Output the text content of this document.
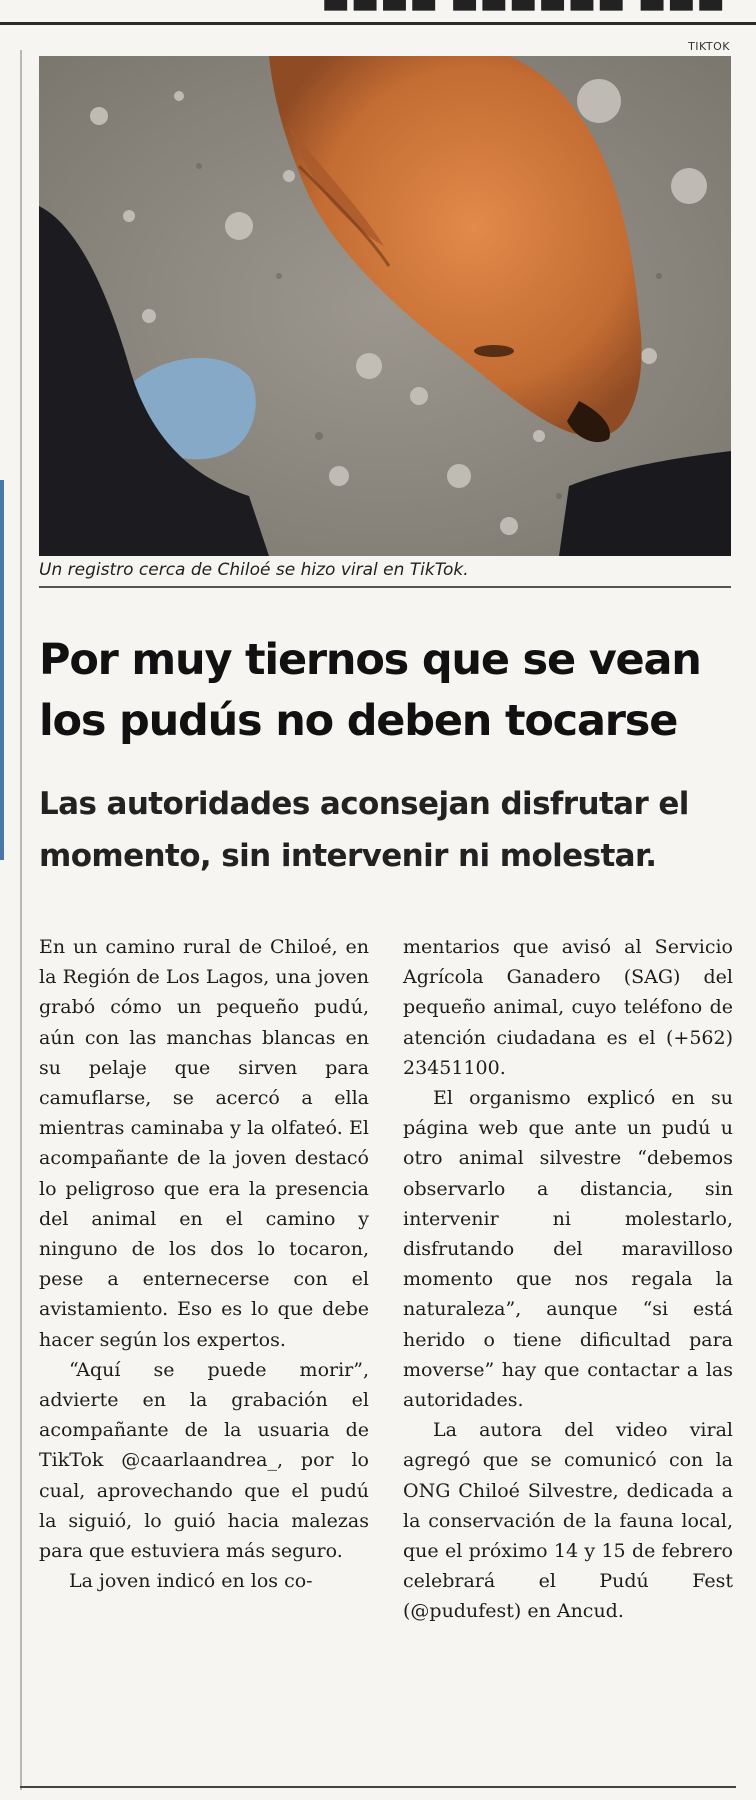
▬▬▬▬ ▬▬▬▬▬▬ ▬▬▬
TIKTOK
Un registro cerca de Chiloé se hizo viral en TikTok.
Por muy tiernos que se vean los pudús no deben tocarse
Las autoridades aconsejan disfrutar el momento, sin intervenir ni molestar.

En un camino rural de Chiloé, en la Región de Los Lagos, una joven grabó cómo un pequeño pudú, aún con las manchas blancas en su pelaje que sirven para camuflarse, se acercó a ella mientras caminaba y la olfateó. El acompañante de la joven destacó lo peligroso que era la presencia del animal en el camino y ninguno de los dos lo tocaron, pese a enternecerse con el avistamiento. Eso es lo que debe hacer según los expertos.

“Aquí se puede morir”, advierte en la grabación el acompañante de la usuaria de TikTok @caarlaandrea_, por lo cual, aprovechando que el pudú la siguió, lo guió hacia malezas para que estuviera más seguro.

La joven indicó en los co-

mentarios que avisó al Servicio Agrícola Ganadero (SAG) del pequeño animal, cuyo teléfono de atención ciudadana es el (+562) 23451100.

El organismo explicó en su página web que ante un pudú u otro animal silvestre “debemos observarlo a distancia, sin intervenir ni molestarlo, disfrutando del maravilloso momento que nos regala la naturaleza”, aunque “si está herido o tiene dificultad para moverse” hay que contactar a las autoridades.

La autora del video viral agregó que se comunicó con la ONG Chiloé Silvestre, dedicada a la conservación de la fauna local, que el próximo 14 y 15 de febrero celebrará el Pudú Fest (@pudufest) en Ancud.
